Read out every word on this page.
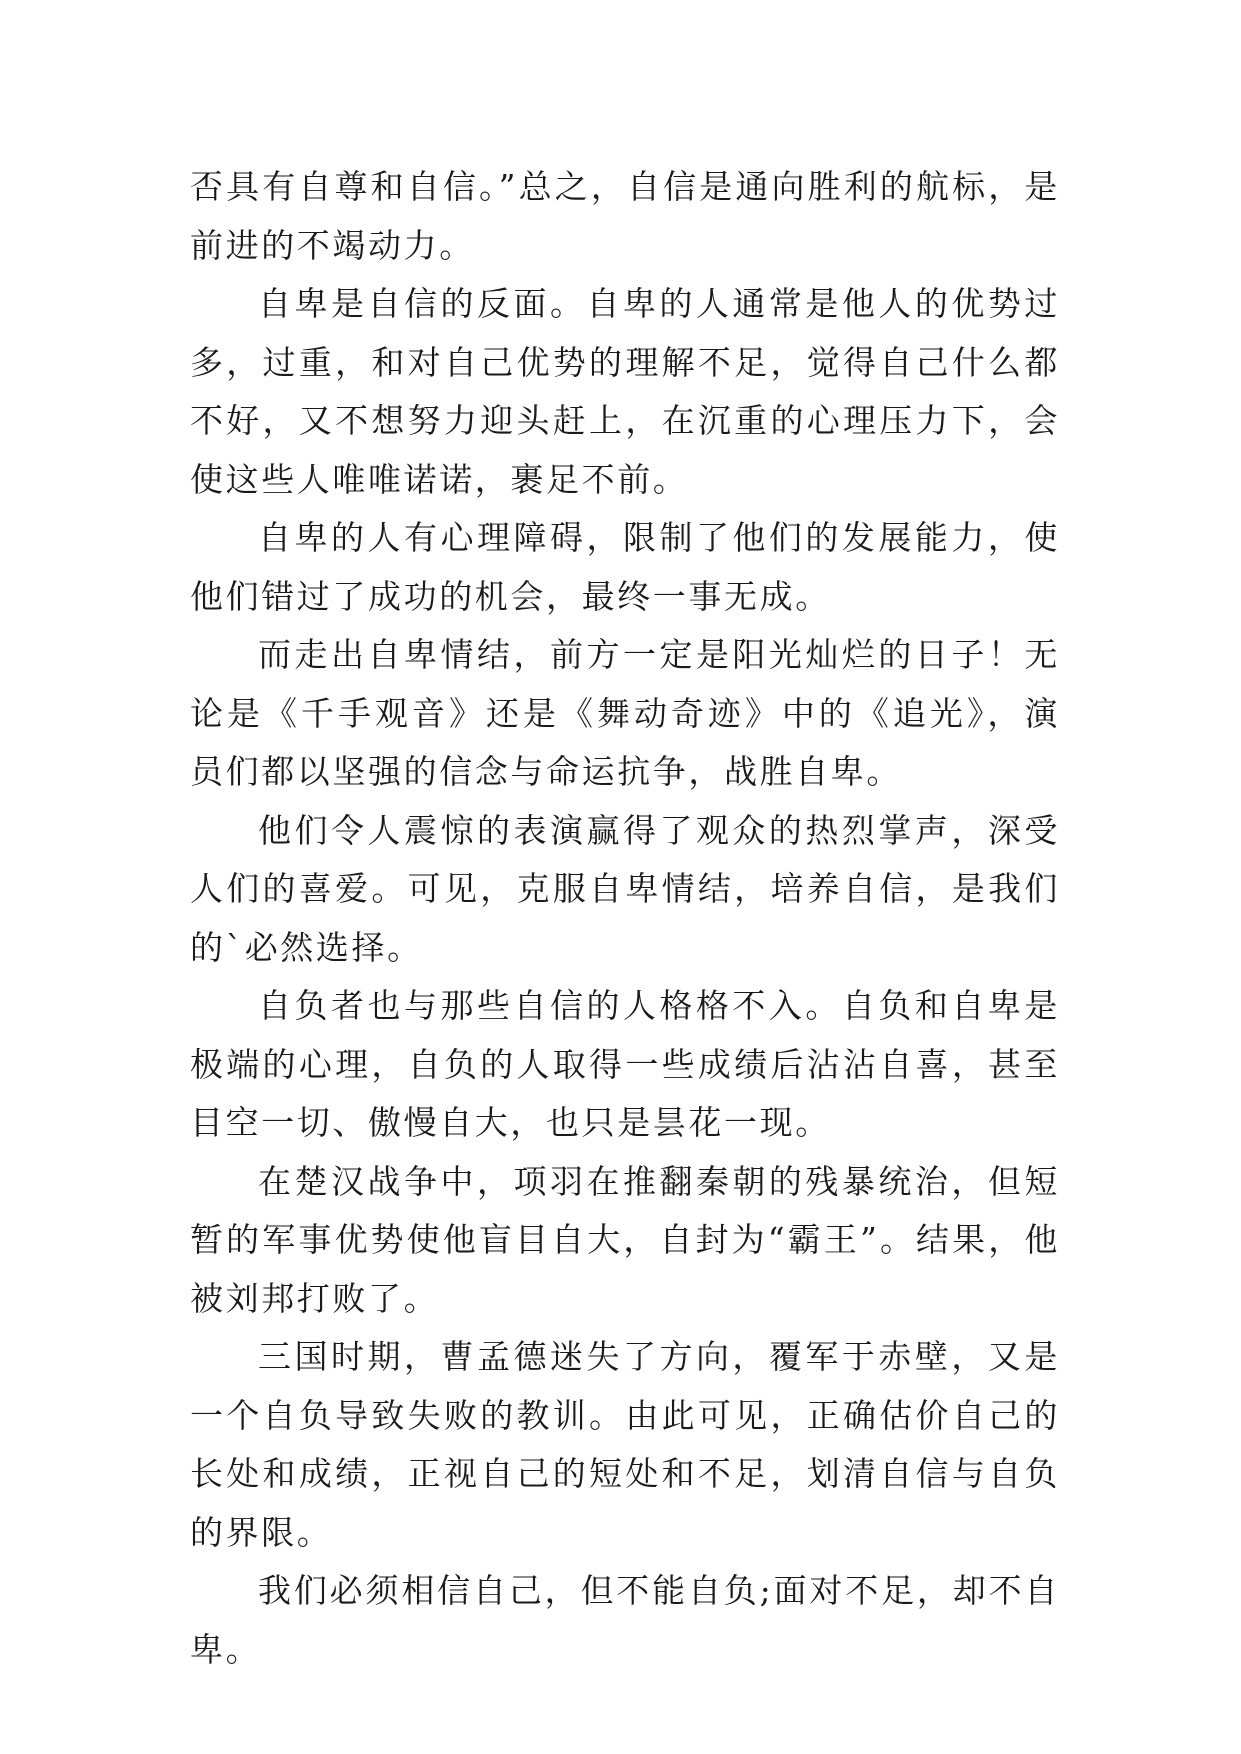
否具有自尊和自信。”总之，自信是通向胜利的航标，是前进的不竭动力。

自卑是自信的反面。自卑的人通常是他人的优势过多，过重，和对自己优势的理解不足，觉得自己什么都不好，又不想努力迎头赶上，在沉重的心理压力下，会使这些人唯唯诺诺，裹足不前。

自卑的人有心理障碍，限制了他们的发展能力，使他们错过了成功的机会，最终一事无成。

而走出自卑情结，前方一定是阳光灿烂的日子！无论是《千手观音》还是《舞动奇迹》中的《追光》，演员们都以坚强的信念与命运抗争，战胜自卑。

他们令人震惊的表演赢得了观众的热烈掌声，深受人们的喜爱。可见，克服自卑情结，培养自信，是我们的`必然选择。

自负者也与那些自信的人格格不入。自负和自卑是极端的心理，自负的人取得一些成绩后沾沾自喜，甚至目空一切、傲慢自大，也只是昙花一现。

在楚汉战争中，项羽在推翻秦朝的残暴统治，但短暂的军事优势使他盲目自大，自封为“霸王”。结果，他被刘邦打败了。

三国时期，曹孟德迷失了方向，覆军于赤壁，又是一个自负导致失败的教训。由此可见，正确估价自己的长处和成绩，正视自己的短处和不足，划清自信与自负的界限。

我们必须相信自己，但不能自负;面对不足，却不自卑。
